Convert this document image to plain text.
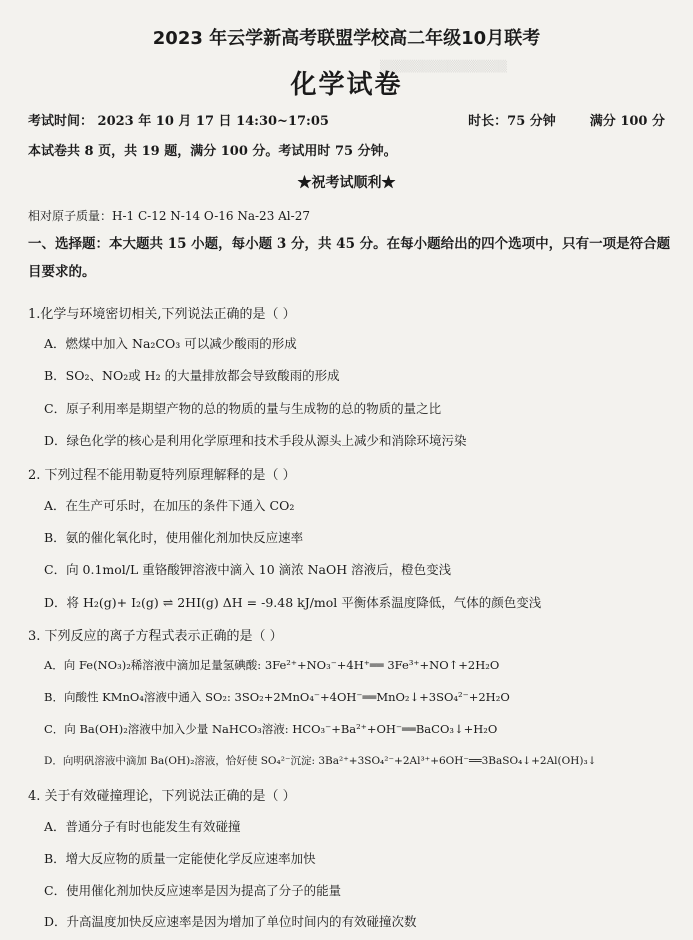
▒▒▒▒▒▒▒▒▒▒▒▒▒▒▒
2023 年云学新高考联盟学校高二年级10月联考
化学试卷
考试时间： 2023 年 10 月 17 日 14:30~17:05	时长：75 分钟	满分 100 分
本试卷共 8 页，共 19 题，满分 100 分。考试用时 75 分钟。
★祝考试顺利★
相对原子质量：H-1 C-12 N-14 O-16 Na-23 Al-27
一、选择题：本大题共 15 小题，每小题 3 分，共 45 分。在每小题给出的四个选项中，只有一项是符合题
目要求的。
1.化学与环境密切相关,下列说法正确的是（ ）
A．燃煤中加入 Na₂CO₃ 可以减少酸雨的形成
B．SO₂、NO₂或 H₂ 的大量排放都会导致酸雨的形成
C．原子利用率是期望产物的总的物质的量与生成物的总的物质的量之比
D．绿色化学的核心是利用化学原理和技术手段从源头上减少和消除环境污染
2. 下列过程不能用勒夏特列原理解释的是（ ）
A．在生产可乐时，在加压的条件下通入 CO₂
B．氨的催化氧化时，使用催化剂加快反应速率
C．向 0.1mol/L 重铬酸钾溶液中滴入 10 滴浓 NaOH 溶液后，橙色变浅
D．将 H₂(g)+ I₂(g) ⇌ 2HI(g) ΔH = -9.48 kJ/mol 平衡体系温度降低，气体的颜色变浅
3. 下列反应的离子方程式表示正确的是（ ）
A．向 Fe(NO₃)₂稀溶液中滴加足量氢碘酸: 3Fe²⁺+NO₃⁻+4H⁺══ 3Fe³⁺+NO↑+2H₂O
B．向酸性 KMnO₄溶液中通入 SO₂: 3SO₂+2MnO₄⁻+4OH⁻══MnO₂↓+3SO₄²⁻+2H₂O
C．向 Ba(OH)₂溶液中加入少量 NaHCO₃溶液: HCO₃⁻+Ba²⁺+OH⁻══BaCO₃↓+H₂O
D．向明矾溶液中滴加 Ba(OH)₂溶液，恰好使 SO₄²⁻沉淀: 3Ba²⁺+3SO₄²⁻+2Al³⁺+6OH⁻══3BaSO₄↓+2Al(OH)₃↓
4. 关于有效碰撞理论，下列说法正确的是（ ）
A．普通分子有时也能发生有效碰撞
B．增大反应物的质量一定能使化学反应速率加快
C．使用催化剂加快反应速率是因为提高了分子的能量
D．升高温度加快反应速率是因为增加了单位时间内的有效碰撞次数
